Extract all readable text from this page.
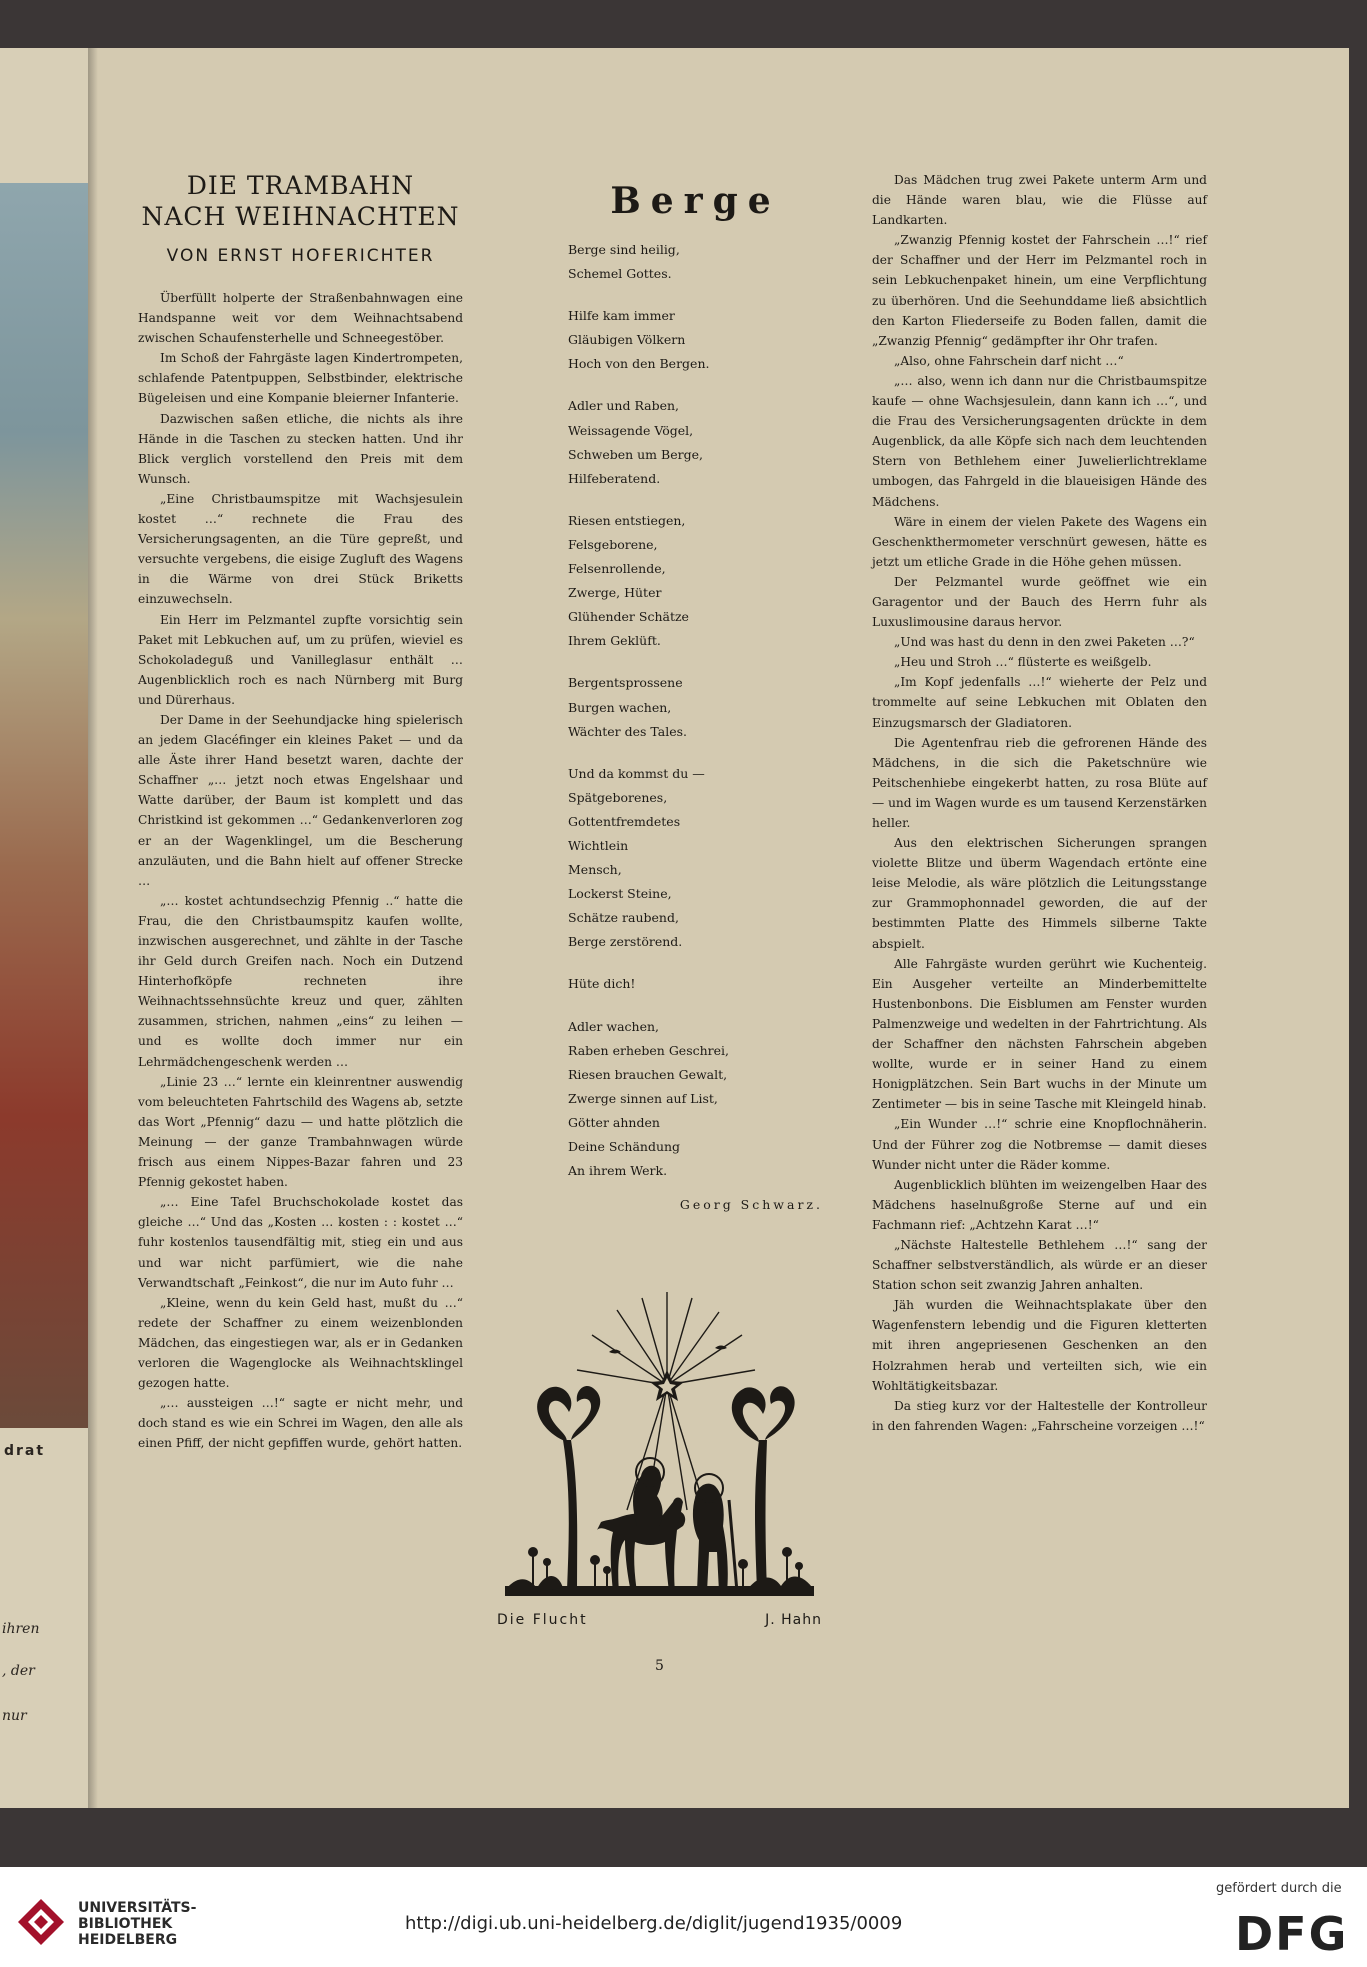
drat
ihren
, der
nur
DIE TRAMBAHN
NACH WEIHNACHTEN
VON ERNST HOFERICHTER

Überfüllt holperte der Straßenbahnwagen eine Handspanne weit vor dem Weihnachtsabend zwischen Schaufensterhelle und Schneegestöber.

Im Schoß der Fahrgäste lagen Kindertrompeten, schlafende Patentpuppen, Selbstbinder, elektrische Bügeleisen und eine Kompanie bleierner Infanterie.

Dazwischen saßen etliche, die nichts als ihre Hände in die Taschen zu stecken hatten. Und ihr Blick verglich vorstellend den Preis mit dem Wunsch.

„Eine Christbaumspitze mit Wachsjesulein kostet …“ rechnete die Frau des Versicherungsagenten, an die Türe gepreßt, und versuchte vergebens, die eisige Zugluft des Wagens in die Wärme von drei Stück Briketts einzuwechseln.

Ein Herr im Pelzmantel zupfte vorsichtig sein Paket mit Lebkuchen auf, um zu prüfen, wieviel es Schokoladeguß und Vanilleglasur enthält … Augenblicklich roch es nach Nürnberg mit Burg und Dürerhaus.

Der Dame in der Seehundjacke hing spielerisch an jedem Glacéfinger ein kleines Paket — und da alle Äste ihrer Hand besetzt waren, dachte der Schaffner „… jetzt noch etwas Engelshaar und Watte darüber, der Baum ist komplett und das Christkind ist gekommen …“ Gedankenverloren zog er an der Wagenklingel, um die Bescherung anzuläuten, und die Bahn hielt auf offener Strecke …

„… kostet achtundsechzig Pfennig ..“ hatte die Frau, die den Christbaumspitz kaufen wollte, inzwischen ausgerechnet, und zählte in der Tasche ihr Geld durch Greifen nach. Noch ein Dutzend Hinterhofköpfe rechneten ihre Weihnachtssehnsüchte kreuz und quer, zählten zusammen, strichen, nahmen „eins“ zu leihen — und es wollte doch immer nur ein Lehrmädchengeschenk werden …

„Linie 23 …“ lernte ein kleinrentner auswendig vom beleuchteten Fahrtschild des Wagens ab, setzte das Wort „Pfennig“ dazu — und hatte plötzlich die Meinung — der ganze Trambahnwagen würde frisch aus einem Nippes-Bazar fahren und 23 Pfennig gekostet haben.

„… Eine Tafel Bruchschokolade kostet das gleiche …“ Und das „Kosten … kosten : : kostet …“ fuhr kostenlos tausendfältig mit, stieg ein und aus und war nicht parfümiert, wie die nahe Verwandtschaft „Feinkost“, die nur im Auto fuhr …

„Kleine, wenn du kein Geld hast, mußt du …“ redete der Schaffner zu einem weizenblonden Mädchen, das eingestiegen war, als er in Gedanken verloren die Wagenglocke als Weihnachtsklingel gezogen hatte.

„… aussteigen …!“ sagte er nicht mehr, und doch stand es wie ein Schrei im Wagen, den alle als einen Pfiff, der nicht gepfiffen wurde, gehört hatten.

Berge
Berge sind heilig,
Schemel Gottes.
Hilfe kam immer
Gläubigen Völkern
Hoch von den Bergen.
Adler und Raben,
Weissagende Vögel,
Schweben um Berge,
Hilfeberatend.
Riesen entstiegen,
Felsgeborene,
Felsenrollende,
Zwerge, Hüter
Glühender Schätze
Ihrem Geklüft.
Bergentsprossene
Burgen wachen,
Wächter des Tales.
Und da kommst du —
Spätgeborenes,
Gottentfremdetes
Wichtlein
Mensch,
Lockerst Steine,
Schätze raubend,
Berge zerstörend.
Hüte dich!
Adler wachen,
Raben erheben Geschrei,
Riesen brauchen Gewalt,
Zwerge sinnen auf List,
Götter ahnden
Deine Schändung
An ihrem Werk.
Georg Schwarz.
Die Flucht	J. Hahn

Das Mädchen trug zwei Pakete unterm Arm und die Hände waren blau, wie die Flüsse auf Landkarten.

„Zwanzig Pfennig kostet der Fahrschein …!“ rief der Schaffner und der Herr im Pelzmantel roch in sein Lebkuchenpaket hinein, um eine Verpflichtung zu überhören. Und die Seehunddame ließ absichtlich den Karton Fliederseife zu Boden fallen, damit die „Zwanzig Pfennig“ gedämpfter ihr Ohr trafen.

„Also, ohne Fahrschein darf nicht …“

„… also, wenn ich dann nur die Christbaumspitze kaufe — ohne Wachsjesulein, dann kann ich …“, und die Frau des Versicherungsagenten drückte in dem Augenblick, da alle Köpfe sich nach dem leuchtenden Stern von Bethlehem einer Juwelierlichtreklame umbogen, das Fahrgeld in die blaueisigen Hände des Mädchens.

Wäre in einem der vielen Pakete des Wagens ein Geschenkthermometer verschnürt gewesen, hätte es jetzt um etliche Grade in die Höhe gehen müssen.

Der Pelzmantel wurde geöffnet wie ein Garagentor und der Bauch des Herrn fuhr als Luxuslimousine daraus hervor.

„Und was hast du denn in den zwei Paketen …?“

„Heu und Stroh …“ flüsterte es weißgelb.

„Im Kopf jedenfalls …!“ wieherte der Pelz und trommelte auf seine Lebkuchen mit Oblaten den Einzugsmarsch der Gladiatoren.

Die Agentenfrau rieb die gefrorenen Hände des Mädchens, in die sich die Paketschnüre wie Peitschenhiebe eingekerbt hatten, zu rosa Blüte auf — und im Wagen wurde es um tausend Kerzenstärken heller.

Aus den elektrischen Sicherungen sprangen violette Blitze und überm Wagendach ertönte eine leise Melodie, als wäre plötzlich die Leitungsstange zur Grammophonnadel geworden, die auf der bestimmten Platte des Himmels silberne Takte abspielt.

Alle Fahrgäste wurden gerührt wie Kuchenteig. Ein Ausgeher verteilte an Minderbemittelte Hustenbonbons. Die Eisblumen am Fenster wurden Palmenzweige und wedelten in der Fahrtrichtung. Als der Schaffner den nächsten Fahrschein abgeben wollte, wurde er in seiner Hand zu einem Honigplätzchen. Sein Bart wuchs in der Minute um Zentimeter — bis in seine Tasche mit Kleingeld hinab.

„Ein Wunder …!“ schrie eine Knopflochnäherin. Und der Führer zog die Notbremse — damit dieses Wunder nicht unter die Räder komme.

Augenblicklich blühten im weizengelben Haar des Mädchens haselnußgroße Sterne auf und ein Fachmann rief: „Achtzehn Karat …!“

„Nächste Haltestelle Bethlehem …!“ sang der Schaffner selbstverständlich, als würde er an dieser Station schon seit zwanzig Jahren anhalten.

Jäh wurden die Weihnachtsplakate über den Wagenfenstern lebendig und die Figuren kletterten mit ihren angepriesenen Geschenken an den Holzrahmen herab und verteilten sich, wie ein Wohltätigkeitsbazar.

Da stieg kurz vor der Haltestelle der Kontrolleur in den fahrenden Wagen: „Fahrscheine vorzeigen …!“

5
UNIVERSITÄTS-
BIBLIOTHEK
HEIDELBERG
http://digi.ub.uni-heidelberg.de/diglit/jugend1935/0009
gefördert durch die
DFG
